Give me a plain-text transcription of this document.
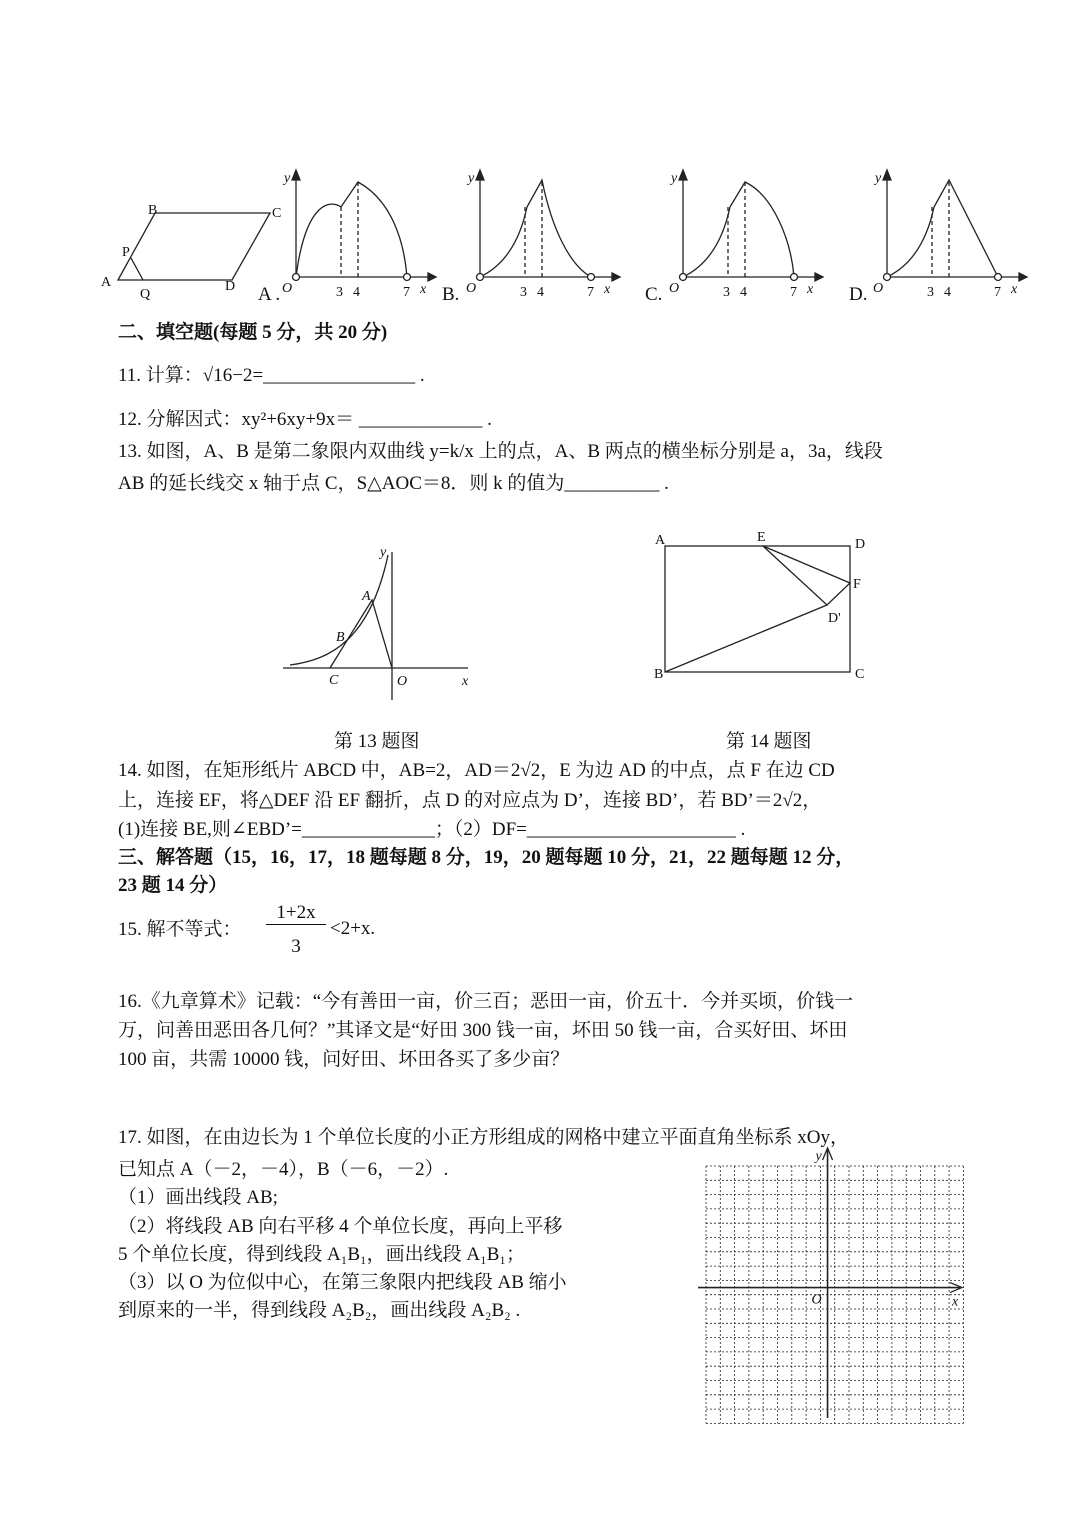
A
B	C
D
P
Q
y
O	3 4	7 x
A .
y
O	3 4	7 x
B.
y
O	3 4	7 x
C.
y
O	3 4	7 x
D.
y
A
B
C	O	x
A	E	D
F
D'
B	C
x
y
O
二、填空题(每题 5 分，共 20 分)
11. 计算：√16−2=________________ .
12. 分解因式：xy²+6xy+9x＝ _____________ .
13. 如图，A、B 是第二象限内双曲线 y=k/x 上的点，A、B 两点的横坐标分别是 a，3a，线段
AB 的延长线交 x 轴于点 C，S△AOC＝8．则 k 的值为__________ .
第 13 题图	第 14 题图
14. 如图，在矩形纸片 ABCD 中，AB=2，AD＝2√2，E 为边 AD 的中点，点 F 在边 CD
上，连接 EF，将△DEF 沿 EF 翻折，点 D 的对应点为 D’，连接 BD’，若 BD’＝2√2，
(1)连接 BE,则∠EBD’=______________；（2）DF=______________________ .
三、解答题（15，16，17，18 题每题 8 分，19，20 题每题 10 分，21，22 题每题 12 分，
23 题 14 分）
15. 解不等式：
1+2x
3
<2+x.
16.《九章算术》记载：“今有善田一亩，价三百；恶田一亩，价五十．今并买顷，价钱一
万，问善田恶田各几何？”其译文是“好田 300 钱一亩，坏田 50 钱一亩，合买好田、坏田
100 亩，共需 10000 钱，问好田、坏田各买了多少亩？
17. 如图，在由边长为 1 个单位长度的小正方形组成的网格中建立平面直角坐标系 xOy，
已知点 A（－2，－4），B（－6，－2）.
（1）画出线段 AB;
（2）将线段 AB 向右平移 4 个单位长度，再向上平移
5 个单位长度，得到线段 A₁B₁，画出线段 A₁B₁；
（3）以 O 为位似中心，在第三象限内把线段 AB 缩小
到原来的一半，得到线段 A₂B₂，画出线段 A₂B₂ .
